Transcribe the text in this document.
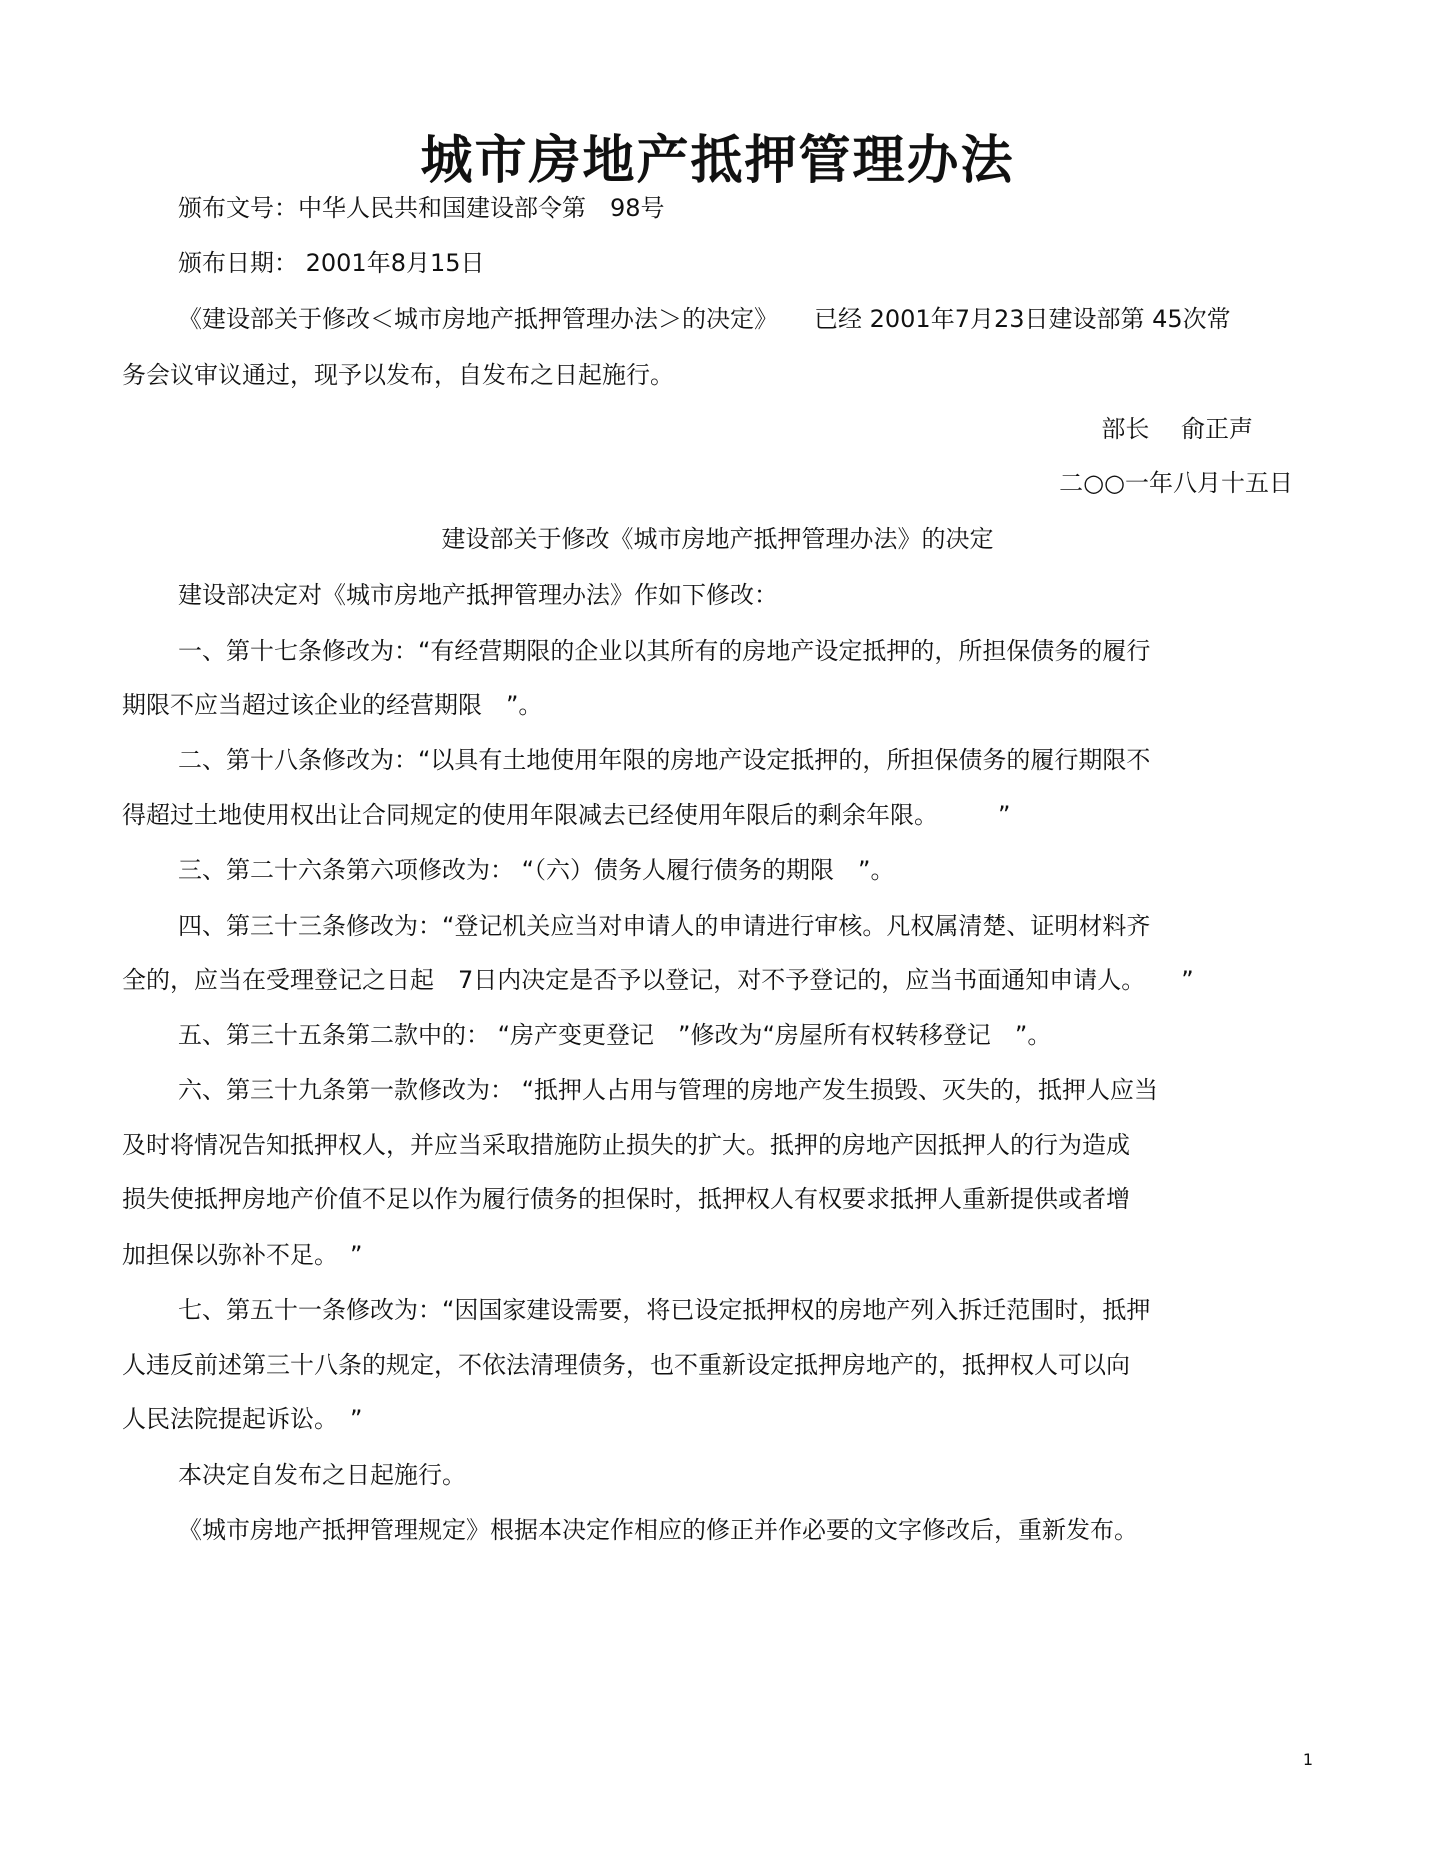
城市房地产抵押管理办法
颁布文号：中华人民共和国建设部令第　98号
颁布日期： 2001年8月15日
《建设部关于修改＜城市房地产抵押管理办法＞的决定》　　已经 2001年7月23日建设部第 45次常
务会议审议通过，现予以发布，自发布之日起施行。
部长　 俞正声
二○○一年八月十五日
建设部关于修改《城市房地产抵押管理办法》的决定
建设部决定对《城市房地产抵押管理办法》作如下修改：
一、第十七条修改为：“有经营期限的企业以其所有的房地产设定抵押的，所担保债务的履行
期限不应当超过该企业的经营期限　”。
二、第十八条修改为：“以具有土地使用年限的房地产设定抵押的，所担保债务的履行期限不
得超过土地使用权出让合同规定的使用年限减去已经使用年限后的剩余年限。　　　”
三、第二十六条第六项修改为： “（六）债务人履行债务的期限　”。
四、第三十三条修改为：“登记机关应当对申请人的申请进行审核。凡权属清楚、证明材料齐
全的，应当在受理登记之日起　7日内决定是否予以登记，对不予登记的，应当书面通知申请人。　　”
五、第三十五条第二款中的： “房产变更登记　”修改为“房屋所有权转移登记　”。
六、第三十九条第一款修改为： “抵押人占用与管理的房地产发生损毁、灭失的，抵押人应当
及时将情况告知抵押权人，并应当采取措施防止损失的扩大。抵押的房地产因抵押人的行为造成
损失使抵押房地产价值不足以作为履行债务的担保时，抵押权人有权要求抵押人重新提供或者增
加担保以弥补不足。　”
七、第五十一条修改为：“因国家建设需要，将已设定抵押权的房地产列入拆迁范围时，抵押
人违反前述第三十八条的规定，不依法清理债务，也不重新设定抵押房地产的，抵押权人可以向
人民法院提起诉讼。　”
本决定自发布之日起施行。
《城市房地产抵押管理规定》根据本决定作相应的修正并作必要的文字修改后，重新发布。
1
